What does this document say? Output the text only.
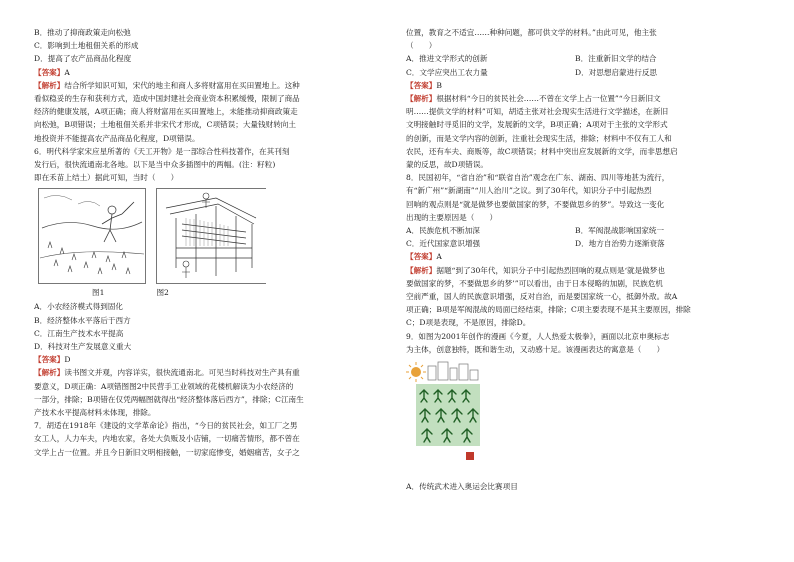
B．推动了抑商政策走向松弛
C．影响到土地租佃关系的形成
D．提高了农产品商品化程度
【答案】A
【解析】结合所学知识可知，宋代的地主和商人多将财富用在买田置地上。这种
看似稳妥的生存和获利方式，造成中国封建社会商业资本积累缓慢，限制了商品
经济的健康发展，A项正确；商人将财富用在买田置地上，未能推动抑商政策走
向松弛，B项错误；土地租佃关系并非宋代才形成，C项错误；大量钱财转向土
地投资并不能提高农产品商品化程度，D项错误。
6．明代科学家宋应星所著的《天工开物》是一部综合性科技著作，在其刊刻
发行后，很快流通南北各地。以下是当中众多插图中的两幅。(注：籽粒)
即在禾苗上结土）据此可知，当时（　　）
图1	图2
A．小农经济模式得到固化
B．经济整体水平落后于西方
C．江南生产技术水平提高
D．科技对生产发展意义重大
【答案】D
【解析】读书图文并观，内容详实，很快流通南北。可见当时科技对生产具有重
要意义，D项正确：A项错图图2中民营手工业领域的花楼机解读为小农经济的
一部分，排除；B项错在仅凭两幅图就得出“经济整体落后西方”，排除；C江南生
产技术水平提高材料未体现，排除。
7．胡适在1918年《建设的文学革命论》指出，“今日的贫民社会，如工厂之男
女工人，人力车夫，内地农家，各处大负贩及小店铺，一切痛苦情形，都不曾在
文学上占一位置。并且今日新旧文明相接触，一切家庭惨变，婚姻痛苦，女子之
位置，教育之不适宜……种种问题，都可供文学的材料。”由此可见，他主张
（　　）
A．推进文学形式的创新	B．注重新旧文学的结合
C．文学应突出工农力量	D．对思想启蒙进行反思
【答案】B
【解析】根据材料“今日的贫民社会……不曾在文学上占一位置”“今日新旧文
明……提供文学的材料”可知，胡适主张对社会现实生活进行文学描述，在新旧
文明接触时寻觅旧的文学，发展新的文学，B项正确；A项对于主张的文学形式
的创新，而是文学内容的创新，注重社会现实生活，排除；材料中不仅有工人和
农民，还有车夫、商贩等，故C项错误；材料中突出应发展新的文学，而非思想启
蒙的反思，故D项错误。
8．民国初年，“省自治”和“联省自治”观念在广东、湖南、四川等地甚为流行，
有“新广州”“新湖南”“川人治川”之议。到了30年代，知识分子中引起热烈
回响的观点则是“就是做梦也要做国家的梦，不要做思乡的梦”。导致这一变化
出现的主要原因是（　　）
A．民族危机不断加深	B．军阀混战影响国家统一
C．近代国家意识增强	D．地方自治势力逐渐衰落
【答案】A
【解析】据题“到了30年代，知识分子中引起热烈回响的观点则是‘就是做梦也
要做国家的梦，不要做思乡的梦’”可以看出，由于日本侵略的加剧，民族危机
空前严重，国人的民族意识增强，反对自治，而是要国家统一心，抵御外敌。故A
项正确；B项是军阀混战的局面已经结束，排除；C项主要表现不是其主要原因，排除
C；D项是表现，不是原因，排除D。
9．如图为2001年创作的漫画《今夏，人人热爱太极拳》，画面以北京申奥标志
为主体，创意独特，既和谐生动，又动感十足。该漫画表达的寓意是（　　）
A．传统武术进入奥运会比赛项目
